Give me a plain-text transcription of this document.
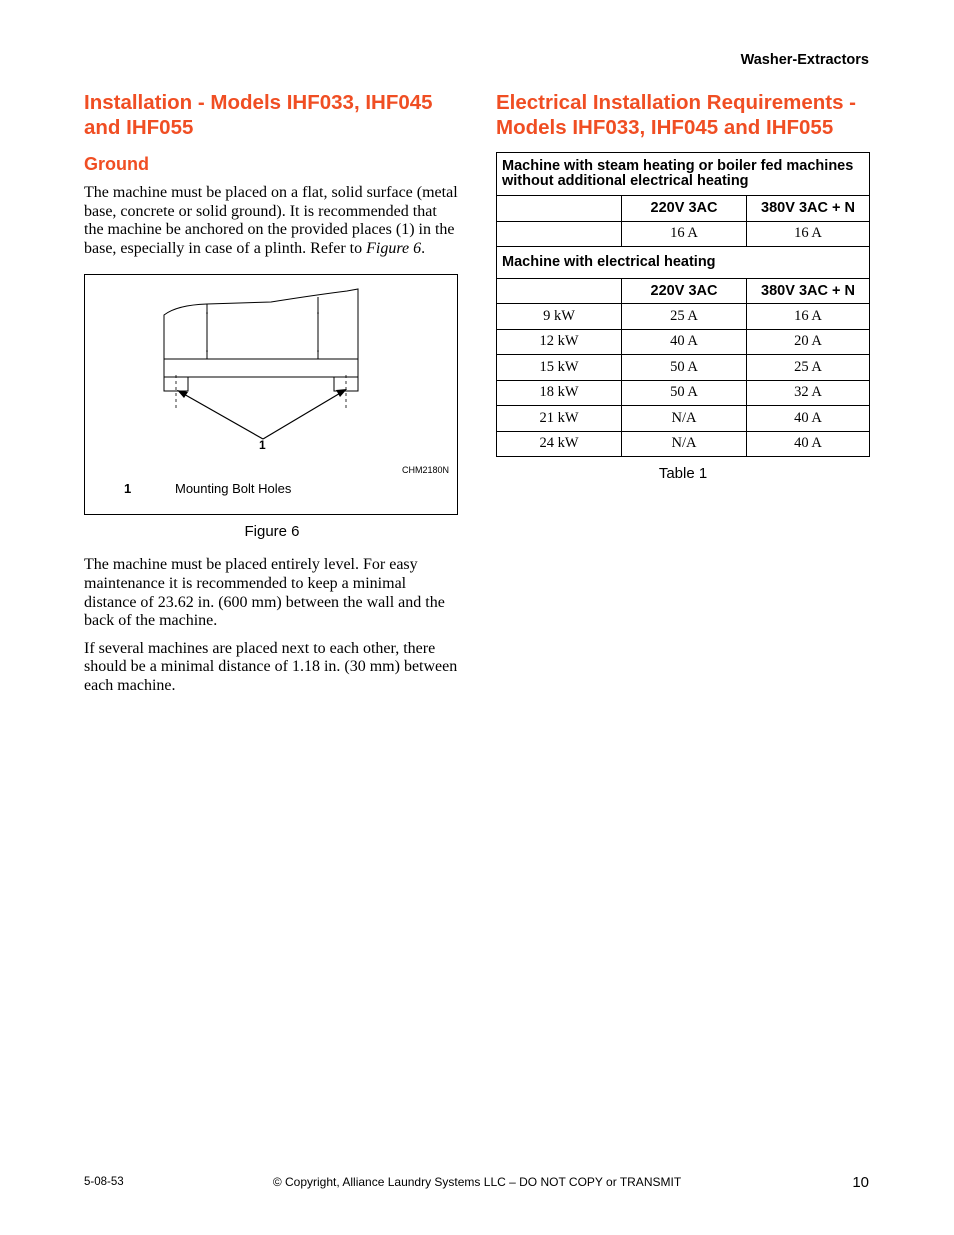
Washer-Extractors
Installation - Models IHF033, IHF045 and IHF055
Ground

The machine must be placed on a flat, solid surface (metal base, concrete or solid ground). It is recommended that the machine be anchored on the provided places (1) in the base, especially in case of a plinth. Refer to Figure 6.

1
CHM2180N
1	Mounting Bolt Holes
Figure 6

The machine must be placed entirely level. For easy maintenance it is recommended to keep a minimal distance of 23.62 in. (600 mm) between the wall and the back of the machine.

If several machines are placed next to each other, there should be a minimal distance of 1.18 in. (30 mm) between each machine.

Electrical Installation Requirements - Models IHF033, IHF045 and IHF055
Machine with steam heating or boiler fed machines without additional electrical heating		
	220V 3AC	380V 3AC + N
	16 A	16 A
Machine with electrical heating		
	220V 3AC	380V 3AC + N
9 kW	25 A	16 A
12 kW	40 A	20 A
15 kW	50 A	25 A
18 kW	50 A	32 A
21 kW	N/A	40 A
24 kW	N/A	40 A
Table 1
5-08-53	© Copyright, Alliance Laundry Systems LLC – DO NOT COPY or TRANSMIT	10
